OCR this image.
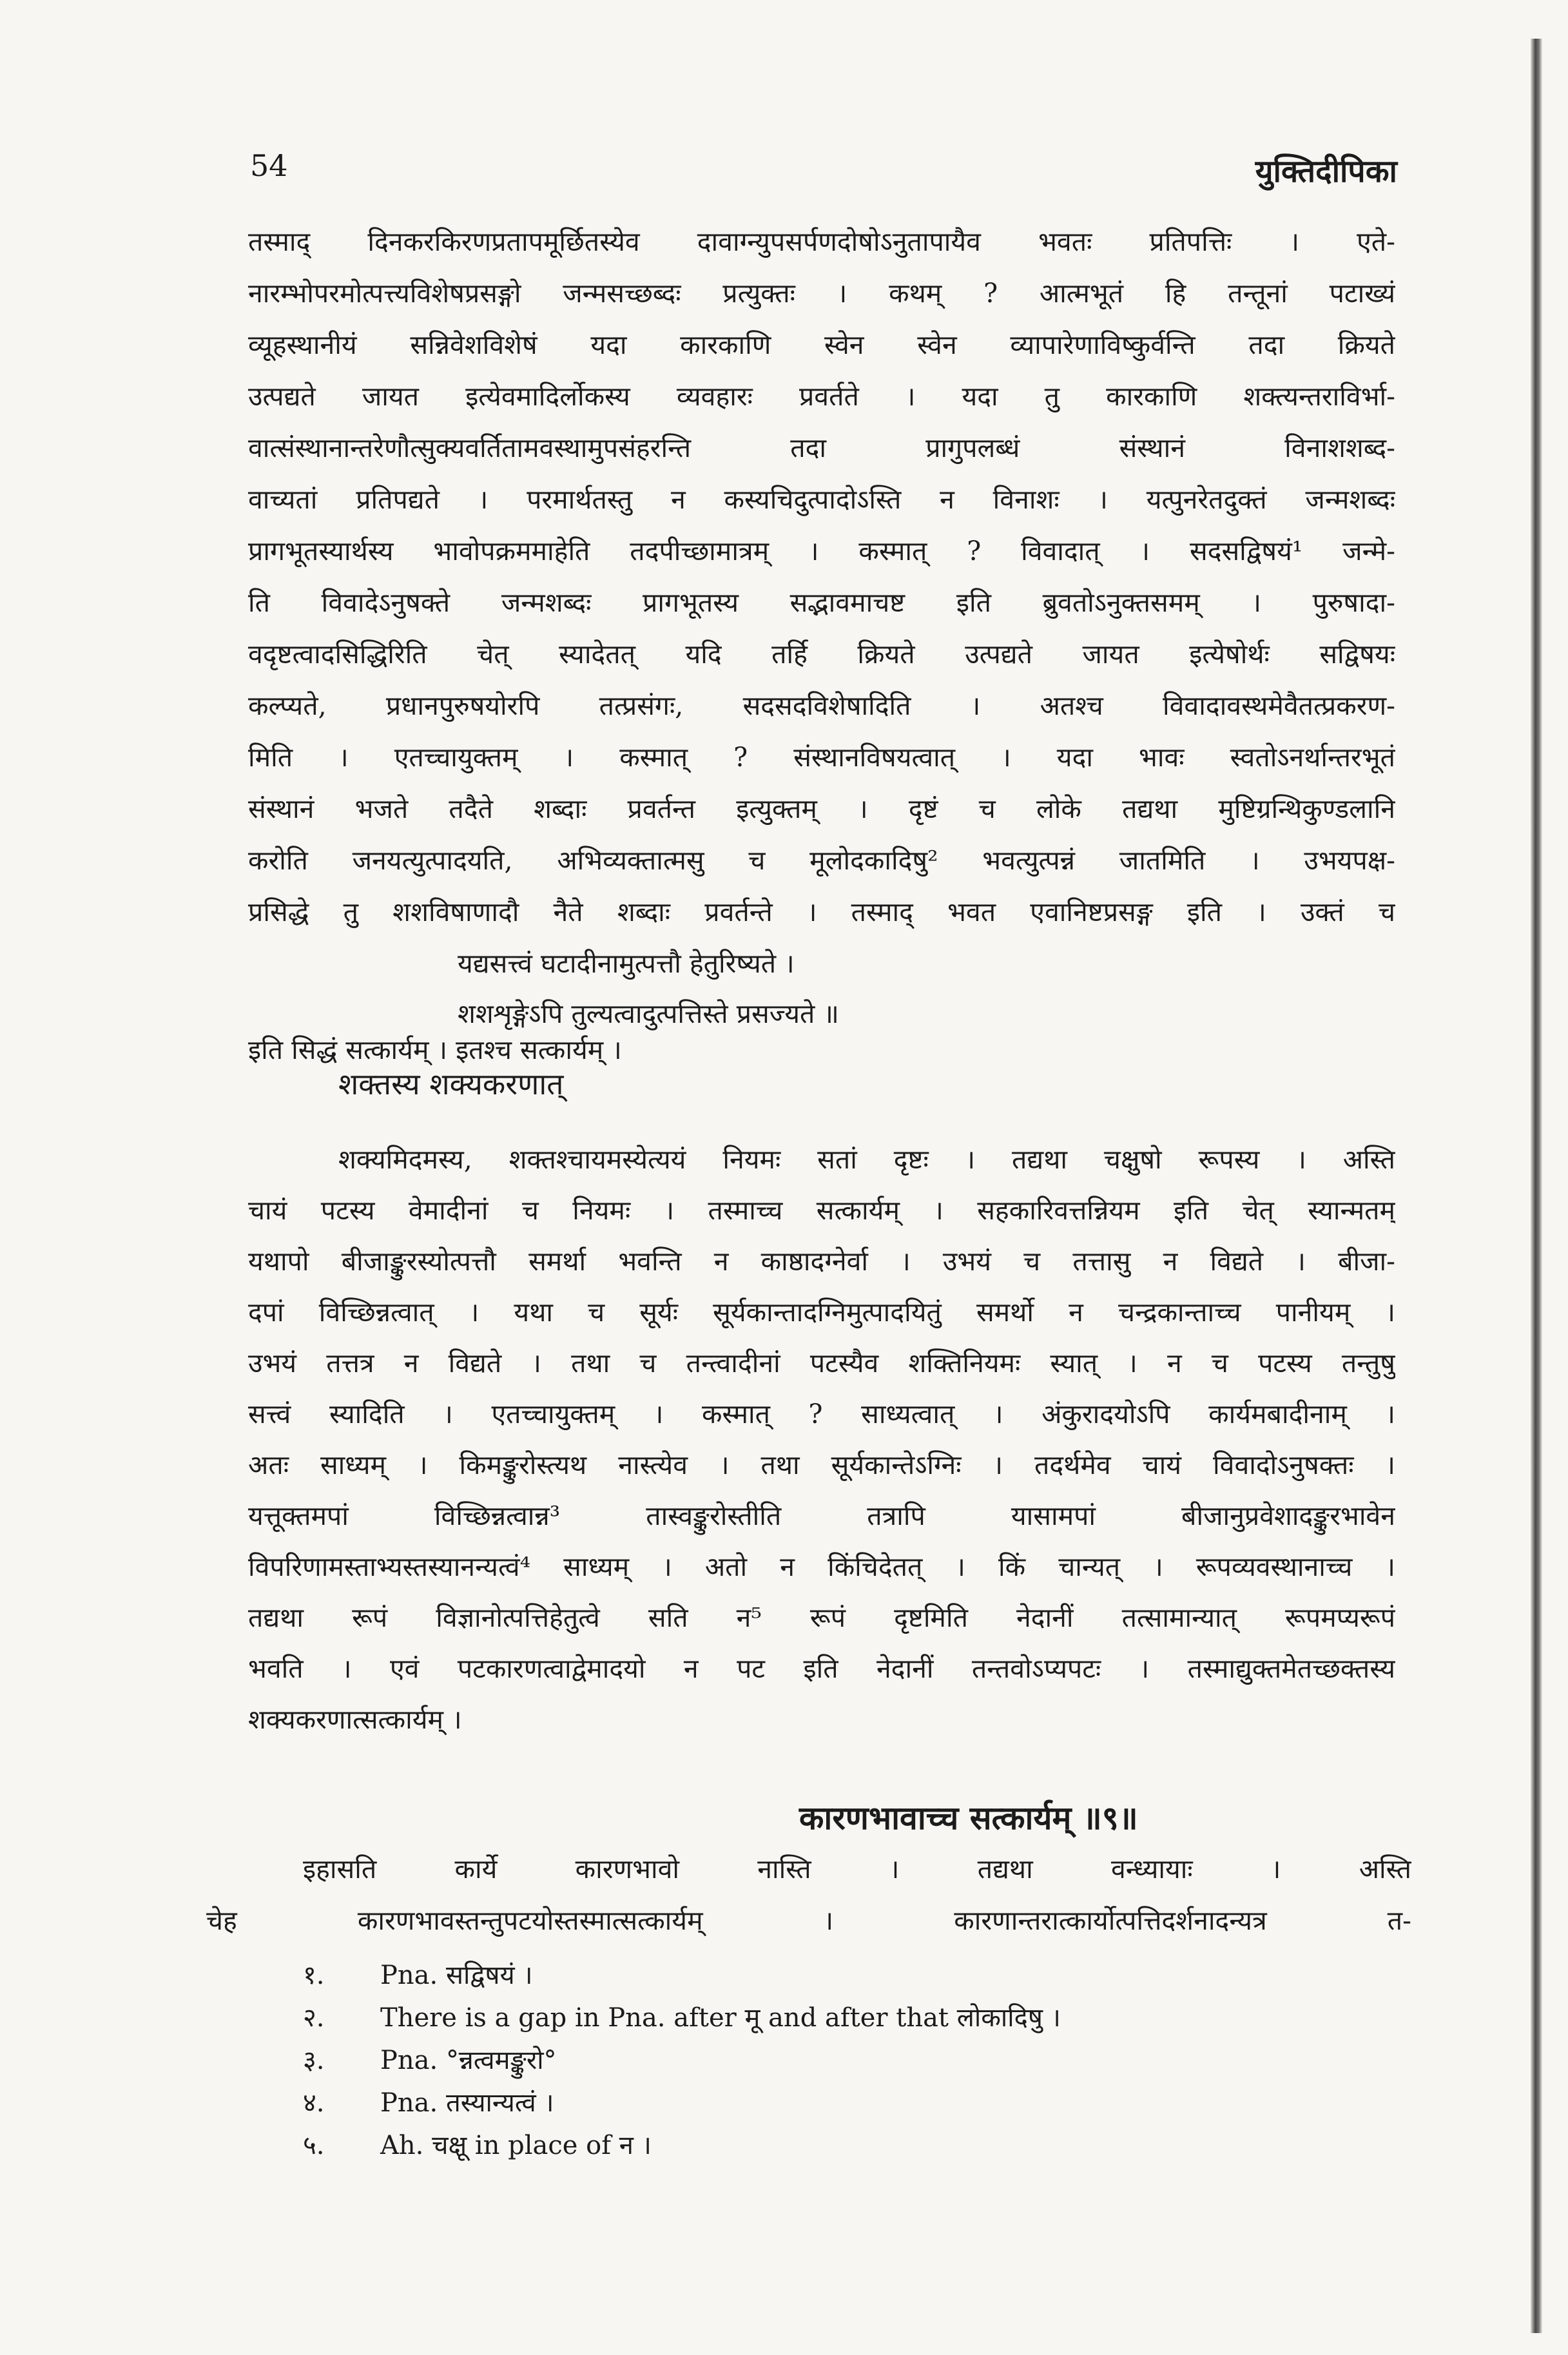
54	युक्तिदीपिका
तस्माद् दिनकरकिरणप्रतापमूर्छितस्येव दावाग्न्युपसर्पणदोषोऽनुतापायैव भवतः प्रतिपत्तिः । एते-
नारम्भोपरमोत्पत्त्यविशेषप्रसङ्गो जन्मसच्छब्दः प्रत्युक्तः । कथम् ? आत्मभूतं हि तन्तूनां पटाख्यं
व्यूहस्थानीयं सन्निवेशविशेषं यदा कारकाणि स्वेन स्वेन व्यापारेणाविष्कुर्वन्ति तदा क्रियते
उत्पद्यते जायत इत्येवमादिर्लोकस्य व्यवहारः प्रवर्तते । यदा तु कारकाणि शक्त्यन्तराविर्भा-
वात्संस्थानान्तरेणौत्सुक्यवर्तितामवस्थामुपसंहरन्ति तदा प्रागुपलब्धं संस्थानं विनाशशब्द-
वाच्यतां प्रतिपद्यते । परमार्थतस्तु न कस्यचिदुत्पादोऽस्ति न विनाशः । यत्पुनरेतदुक्तं जन्मशब्दः
प्रागभूतस्यार्थस्य भावोपक्रममाहेति तदपीच्छामात्रम् । कस्मात् ? विवादात् । सदसद्विषयं¹ जन्मे-
ति विवादेऽनुषक्ते जन्मशब्दः प्रागभूतस्य सद्भावमाचष्ट इति ब्रुवतोऽनुक्तसमम् । पुरुषादा-
वदृष्टत्वादसिद्धिरिति चेत् स्यादेतत् यदि तर्हि क्रियते उत्पद्यते जायत इत्येषोर्थः सद्विषयः
कल्प्यते, प्रधानपुरुषयोरपि तत्प्रसंगः, सदसदविशेषादिति । अतश्च विवादावस्थमेवैतत्प्रकरण-
मिति । एतच्चायुक्तम् । कस्मात् ? संस्थानविषयत्वात् । यदा भावः स्वतोऽनर्थान्तरभूतं
संस्थानं भजते तदैते शब्दाः प्रवर्तन्त इत्युक्तम् । दृष्टं च लोके तद्यथा मुष्टिग्रन्थिकुण्डलानि
करोति जनयत्युत्पादयति, अभिव्यक्तात्मसु च मूलोदकादिषु² भवत्युत्पन्नं जातमिति । उभयपक्ष-
प्रसिद्धे तु शशविषाणादौ नैते शब्दाः प्रवर्तन्ते । तस्माद् भवत एवानिष्टप्रसङ्ग इति । उक्तं च
यद्यसत्त्वं घटादीनामुत्पत्तौ हेतुरिष्यते ।
शशशृङ्गेऽपि तुल्यत्वादुत्पत्तिस्ते प्रसज्यते ॥
इति सिद्धं सत्कार्यम् । इतश्च सत्कार्यम् ।
शक्तस्य शक्यकरणात्
शक्यमिदमस्य, शक्तश्चायमस्येत्ययं नियमः सतां दृष्टः । तद्यथा चक्षुषो रूपस्य । अस्ति
चायं पटस्य वेमादीनां च नियमः । तस्माच्च सत्कार्यम् । सहकारिवत्तन्नियम इति चेत् स्यान्मतम्
यथापो बीजाङ्कुरस्योत्पत्तौ समर्था भवन्ति न काष्ठादग्नेर्वा । उभयं च तत्तासु न विद्यते । बीजा-
दपां विच्छिन्नत्वात् । यथा च सूर्यः सूर्यकान्तादग्निमुत्पादयितुं समर्थो न चन्द्रकान्ताच्च पानीयम् ।
उभयं तत्तत्र न विद्यते । तथा च तन्त्वादीनां पटस्यैव शक्तिनियमः स्यात् । न च पटस्य तन्तुषु
सत्त्वं स्यादिति । एतच्चायुक्तम् । कस्मात् ? साध्यत्वात् । अंकुरादयोऽपि कार्यमबादीनाम् ।
अतः साध्यम् । किमङ्कुरोस्त्यथ नास्त्येव । तथा सूर्यकान्तेऽग्निः । तदर्थमेव चायं विवादोऽनुषक्तः ।
यत्तूक्तमपां विच्छिन्नत्वान्न³ तास्वङ्कुरोस्तीति तत्रापि यासामपां बीजानुप्रवेशादङ्कुरभावेन
विपरिणामस्ताभ्यस्तस्यानन्यत्वं⁴ साध्यम् । अतो न किंचिदेतत् । किं चान्यत् । रूपव्यवस्थानाच्च ।
तद्यथा रूपं विज्ञानोत्पत्तिहेतुत्वे सति न⁵ रूपं दृष्टमिति नेदानीं तत्सामान्यात् रूपमप्यरूपं
भवति । एवं पटकारणत्वाद्वेमादयो न पट इति नेदानीं तन्तवोऽप्यपटः । तस्माद्युक्तमेतच्छक्तस्य
शक्यकरणात्सत्कार्यम् ।
कारणभावाच्च सत्कार्यम् ॥९॥
इहासति कार्ये कारणभावो नास्ति । तद्यथा वन्ध्यायाः । अस्ति
चेह कारणभावस्तन्तुपटयोस्तस्मात्सत्कार्यम् । कारणान्तरात्कार्योत्पत्तिदर्शनादन्यत्र त-
१. Pna. सद्विषयं ।
२. There is a gap in Pna. after मू and after that लोकादिषु ।
३. Pna. °न्नत्वमङ्कुरो°
४. Pna. तस्यान्यत्वं ।
५. Ah. चक्षू in place of न ।
